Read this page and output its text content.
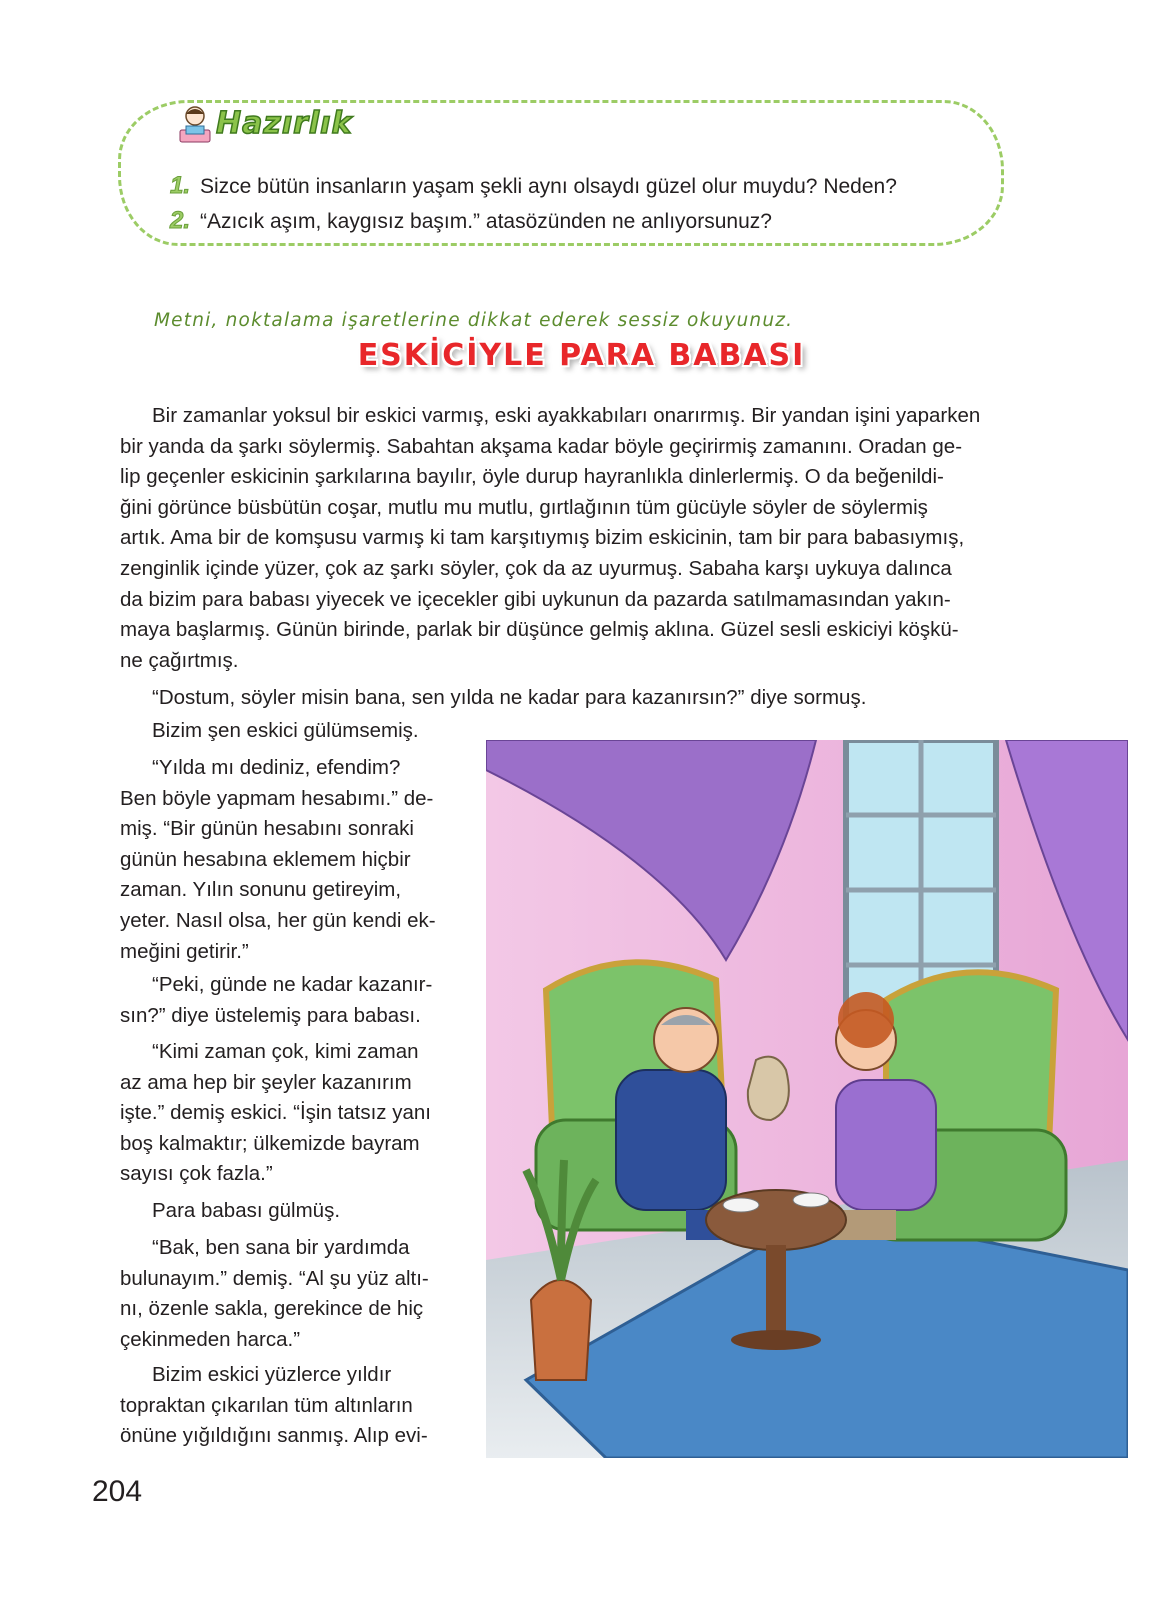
Hazırlık
1. Sizce bütün insanların yaşam şekli aynı olsaydı güzel olur muydu? Neden?
2. “Azıcık aşım, kaygısız başım.” atasözünden ne anlıyorsunuz?
Metni, noktalama işaretlerine dikkat ederek sessiz okuyunuz.
ESKİCİYLE PARA BABASI
Bir zamanlar yoksul bir eskici varmış, eski ayakkabıları onarırmış. Bir yandan işini yaparken
bir yanda da şarkı söylermiş. Sabahtan akşama kadar böyle geçirirmiş zamanını. Oradan ge-
lip geçenler eskicinin şarkılarına bayılır, öyle durup hayranlıkla dinlerlermiş. O da beğenildi-
ğini görünce büsbütün coşar, mutlu mu mutlu, gırtlağının tüm gücüyle söyler de söylermiş
artık. Ama bir de komşusu varmış ki tam karşıtıymış bizim eskicinin, tam bir para babasıymış,
zenginlik içinde yüzer, çok az şarkı söyler, çok da az uyurmuş. Sabaha karşı uykuya dalınca
da bizim para babası yiyecek ve içecekler gibi uykunun da pazarda satılmamasından yakın-
maya başlarmış. Günün birinde, parlak bir düşünce gelmiş aklına. Güzel sesli eskiciyi köşkü-
ne çağırtmış.
“Dostum, söyler misin bana, sen yılda ne kadar para kazanırsın?” diye sormuş.
Bizim şen eskici gülümsemiş.
“Yılda mı dediniz, efendim?
Ben böyle yapmam hesabımı.” de-
miş. “Bir günün hesabını sonraki
günün hesabına eklemem hiçbir
zaman. Yılın sonunu getireyim,
yeter. Nasıl olsa, her gün kendi ek-
meğini getirir.”
“Peki, günde ne kadar kazanır-
sın?” diye üstelemiş para babası.
“Kimi zaman çok, kimi zaman
az ama hep bir şeyler kazanırım
işte.” demiş eskici. “İşin tatsız yanı
boş kalmaktır; ülkemizde bayram
sayısı çok fazla.”
Para babası gülmüş.
“Bak, ben sana bir yardımda
bulunayım.” demiş. “Al şu yüz altı-
nı, özenle sakla, gerekince de hiç
çekinmeden harca.”
Bizim eskici yüzlerce yıldır
topraktan çıkarılan tüm altınların
önüne yığıldığını sanmış. Alıp evi-
204
